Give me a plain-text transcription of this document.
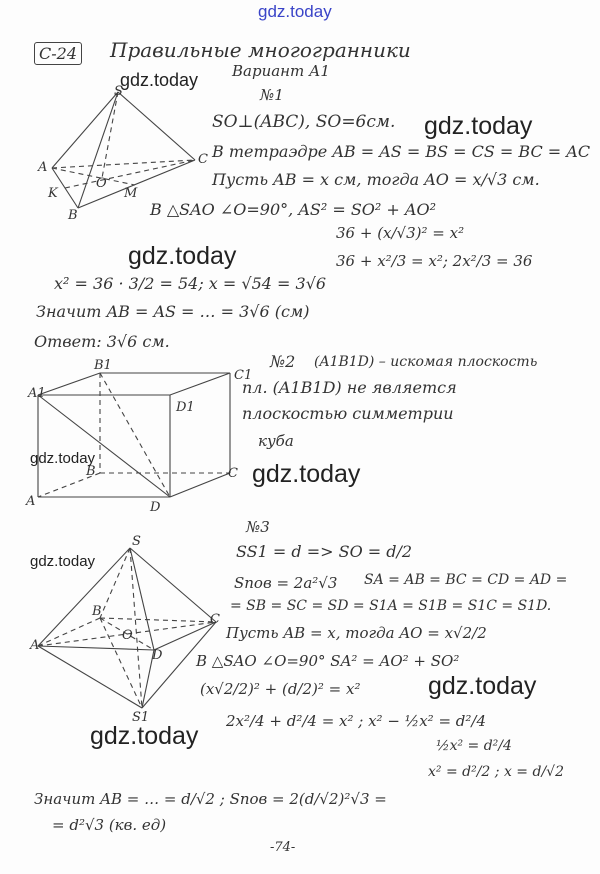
gdz.today
gdz.today
gdz.today
gdz.today
gdz.today
gdz.today
gdz.today
gdz.today
gdz.today
С-24 Правильные многогранники
Вариант А1
№1
S
A
C
K
O
M
B
SO⊥(ABC), SO=6см.
В тетраэдре AB = AS = BS = CS = BC = AC
Пусть AB = x см, тогда AO = x/√3 см.
В △SAO ∠O=90°, AS² = SO² + AO²
36 + (x/√3)² = x²
36 + x²/3 = x²; 2x²/3 = 36
x² = 36 · 3/2 = 54; x = √54 = 3√6
Значит AB = AS = … = 3√6 (см)
Ответ: 3√6 см.
B1
C1
A1
D1
B	C
A	D
№2 (A1B1D) – искомая плоскость
пл. (A1B1D) не является
плоскостью симметрии
куба
№3
S
B
C
A
O
D
S1
SS1 = d => SO = d/2
Sпов = 2a²√3 SA = AB = BC = CD = AD =
= SB = SC = SD = S1A = S1B = S1C = S1D.
Пусть AB = x, тогда AO = x√2/2
В △SAO ∠O=90° SA² = AO² + SO²
(x√2/2)² + (d/2)² = x²
2x²/4 + d²/4 = x² ; x² − ½x² = d²/4
½x² = d²/4
x² = d²/2 ; x = d/√2
Значит AB = … = d/√2 ; Sпов = 2(d/√2)²√3 =
= d²√3 (кв. ед)
-74-
